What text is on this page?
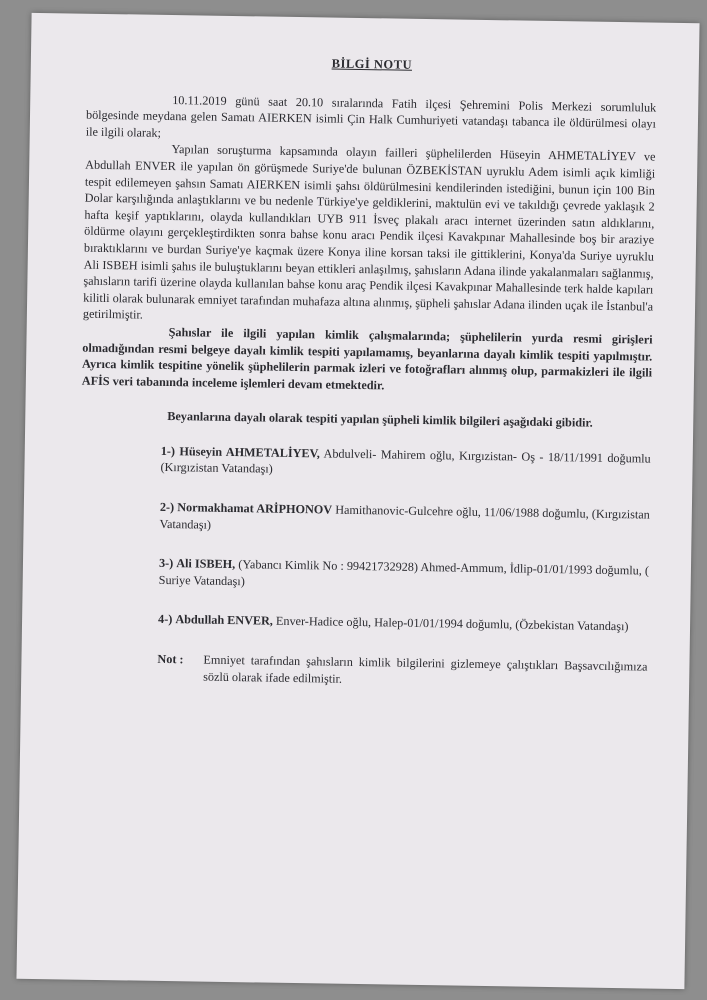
BİLGİ NOTU

10.11.2019 günü saat 20.10 sıralarında Fatih ilçesi Şehremini Polis Merkezi sorumluluk bölgesinde meydana gelen Samatı AIERKEN isimli Çin Halk Cumhuriyeti vatandaşı tabanca ile öldürülmesi olayı ile ilgili olarak;

Yapılan soruşturma kapsamında olayın failleri şüphelilerden Hüseyin AHMETALİYEV ve Abdullah ENVER ile yapılan ön görüşmede Suriye'de bulunan ÖZBEKİSTAN uyruklu Adem isimli açık kimliği tespit edilemeyen şahsın Samatı AIERKEN isimli şahsı öldürülmesini kendilerinden istediğini, bunun için 100 Bin Dolar karşılığında anlaştıklarını ve bu nedenle Türkiye'ye geldiklerini, maktulün evi ve takıldığı çevrede yaklaşık 2 hafta keşif yaptıklarını, olayda kullandıkları UYB 911 İsveç plakalı aracı internet üzerinden satın aldıklarını, öldürme olayını gerçekleştirdikten sonra bahse konu aracı Pendik ilçesi Kavakpınar Mahallesinde boş bir araziye bıraktıklarını ve burdan Suriye'ye kaçmak üzere Konya iline korsan taksi ile gittiklerini, Konya'da Suriye uyruklu Ali ISBEH isimli şahıs ile buluştuklarını beyan ettikleri anlaşılmış, şahısların Adana ilinde yakalanmaları sağlanmış, şahısların tarifi üzerine olayda kullanılan bahse konu araç Pendik ilçesi Kavakpınar Mahallesinde terk halde kapıları kilitli olarak bulunarak emniyet tarafından muhafaza altına alınmış, şüpheli şahıslar Adana ilinden uçak ile İstanbul'a getirilmiştir.

Şahıslar ile ilgili yapılan kimlik çalışmalarında; şüphelilerin yurda resmi girişleri olmadığından resmi belgeye dayalı kimlik tespiti yapılamamış, beyanlarına dayalı kimlik tespiti yapılmıştır. Ayrıca kimlik tespitine yönelik şüphelilerin parmak izleri ve fotoğrafları alınmış olup, parmakizleri ile ilgili AFİS veri tabanında inceleme işlemleri devam etmektedir.

Beyanlarına dayalı olarak tespiti yapılan şüpheli kimlik bilgileri aşağıdaki gibidir.

1-) Hüseyin AHMETALİYEV, Abdulveli- Mahirem oğlu, Kırgızistan- Oş - 18/11/1991 doğumlu (Kırgızistan Vatandaşı)
2-) Normakhamat ARİPHONOV Hamithanovic-Gulcehre oğlu, 11/06/1988 doğumlu, (Kırgızistan Vatandaşı)
3-) Ali ISBEH, (Yabancı Kimlik No : 99421732928) Ahmed-Ammum, İdlip-01/01/1993 doğumlu, ( Suriye Vatandaşı)
4-) Abdullah ENVER, Enver-Hadice oğlu, Halep-01/01/1994 doğumlu, (Özbekistan Vatandaşı)
Not :	Emniyet tarafından şahısların kimlik bilgilerini gizlemeye çalıştıkları Başsavcılığımıza sözlü olarak ifade edilmiştir.
